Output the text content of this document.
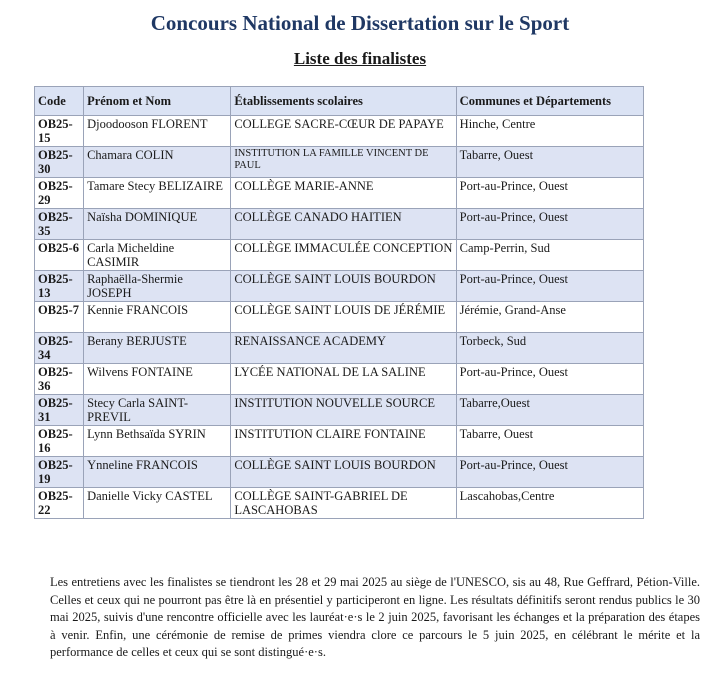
Concours National de Dissertation sur le Sport
Liste des finalistes
Code	Prénom et Nom	Établissements scolaires	Communes et Départements
OB25-15	Djoodooson FLORENT	COLLEGE SACRE-CŒUR DE PAPAYE	Hinche, Centre
OB25-30	Chamara COLIN	INSTITUTION LA FAMILLE VINCENT DE PAUL	Tabarre, Ouest
OB25-29	Tamare Stecy BELIZAIRE	COLLÈGE MARIE-ANNE	Port-au-Prince, Ouest
OB25-35	Naïsha DOMINIQUE	COLLÈGE CANADO HAITIEN	Port-au-Prince, Ouest
OB25-6	Carla Micheldine CASIMIR	COLLÈGE IMMACULÉE CONCEPTION	Camp-Perrin, Sud
OB25-13	Raphaëlla-Shermie JOSEPH	COLLÈGE SAINT LOUIS BOURDON	Port-au-Prince, Ouest
OB25-7	Kennie FRANCOIS	COLLÈGE SAINT LOUIS DE JÉRÉMIE	Jérémie, Grand-Anse
OB25-34	Berany BERJUSTE	RENAISSANCE ACADEMY	Torbeck, Sud
OB25-36	Wilvens FONTAINE	LYCÉE NATIONAL DE LA SALINE	Port-au-Prince, Ouest
OB25-31	Stecy Carla SAINT-PREVIL	INSTITUTION NOUVELLE SOURCE	Tabarre,Ouest
OB25-16	Lynn Bethsaïda SYRIN	INSTITUTION CLAIRE FONTAINE	Tabarre, Ouest
OB25-19	Ynneline FRANCOIS	COLLÈGE SAINT LOUIS BOURDON	Port-au-Prince, Ouest
OB25-22	Danielle Vicky CASTEL	COLLÈGE SAINT-GABRIEL DE LASCAHOBAS	Lascahobas,Centre
Les entretiens avec les finalistes se tiendront les 28 et 29 mai 2025 au siège de l'UNESCO, sis au 48, Rue Geffrard, Pétion-Ville. Celles et ceux qui ne pourront pas être là en présentiel y participeront en ligne. Les résultats définitifs seront rendus publics le 30 mai 2025, suivis d'une rencontre officielle avec les lauréat·e·s le 2 juin 2025, favorisant les échanges et la préparation des étapes à venir. Enfin, une cérémonie de remise de primes viendra clore ce parcours le 5 juin 2025, en célébrant le mérite et la performance de celles et ceux qui se sont distingué·e·s.
